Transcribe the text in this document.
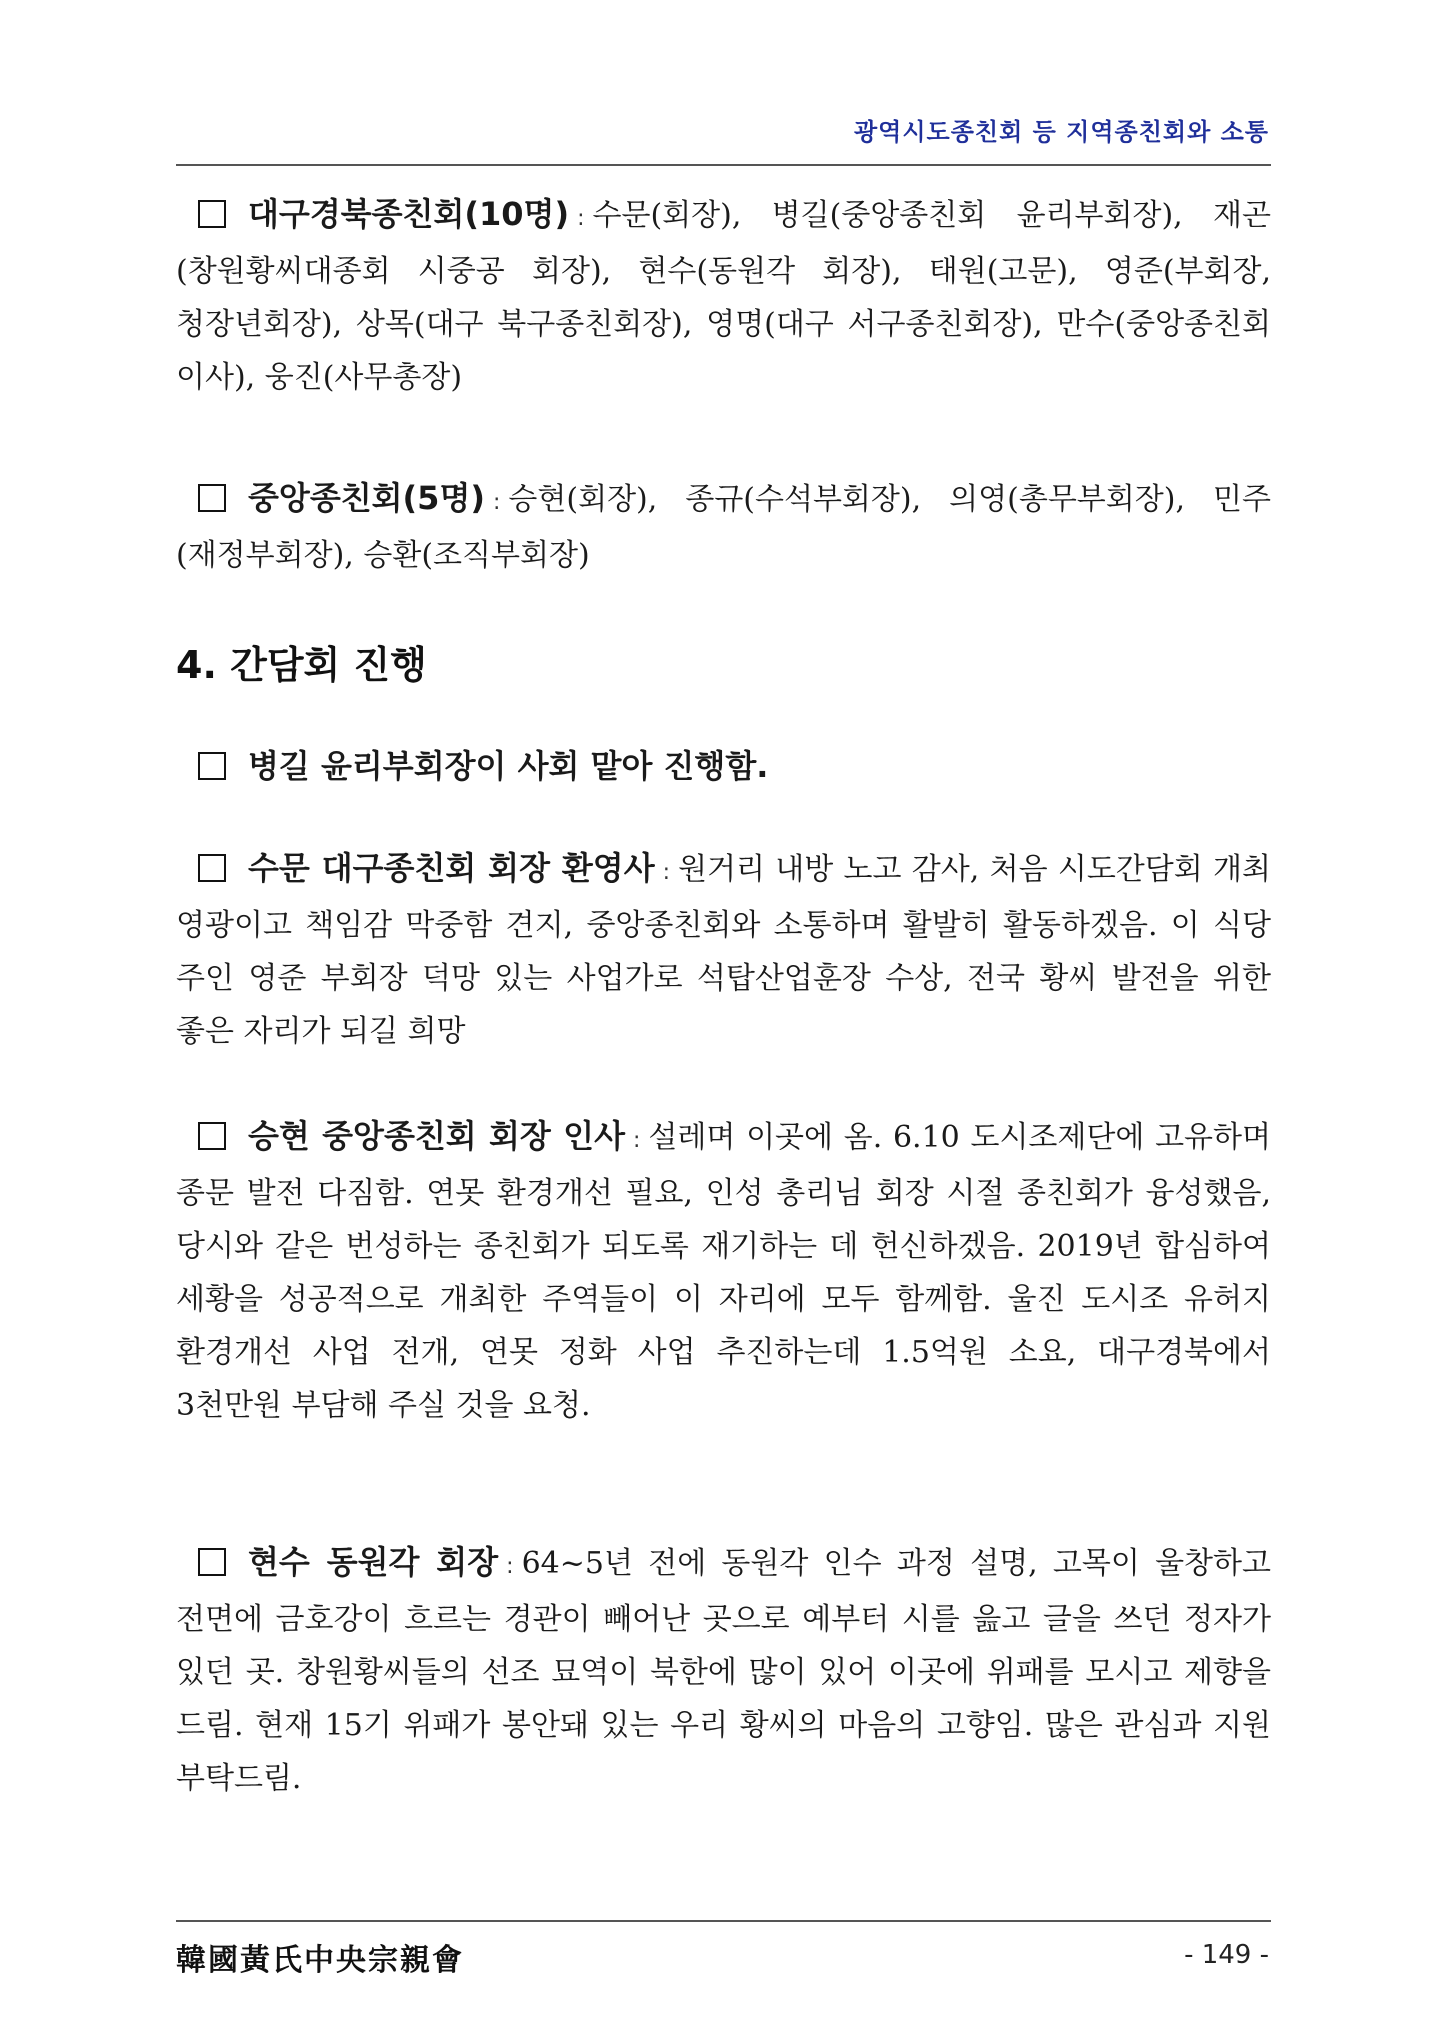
광역시도종친회 등 지역종친회와 소통
대구경북종친회(10명) : 수문(회장), 병길(중앙종친회 윤리부회장), 재곤(창원황씨대종회 시중공 회장), 현수(동원각 회장), 태원(고문), 영준(부회장, 청장년회장), 상목(대구 북구종친회장), 영명(대구 서구종친회장), 만수(중앙종친회 이사), 웅진(사무총장)
중앙종친회(5명) : 승현(회장), 종규(수석부회장), 의영(총무부회장), 민주(재정부회장), 승환(조직부회장)
4. 간담회 진행
병길 윤리부회장이 사회 맡아 진행함.
수문 대구종친회 회장 환영사 : 원거리 내방 노고 감사, 처음 시도간담회 개최 영광이고 책임감 막중함 견지, 중앙종친회와 소통하며 활발히 활동하겠음. 이 식당 주인 영준 부회장 덕망 있는 사업가로 석탑산업훈장 수상, 전국 황씨 발전을 위한 좋은 자리가 되길 희망
승현 중앙종친회 회장 인사 : 설레며 이곳에 옴. 6.10 도시조제단에 고유하며 종문 발전 다짐함. 연못 환경개선 필요, 인성 총리님 회장 시절 종친회가 융성했음, 당시와 같은 번성하는 종친회가 되도록 재기하는 데 헌신하겠음. 2019년 합심하여 세황을 성공적으로 개최한 주역들이 이 자리에 모두 함께함. 울진 도시조 유허지 환경개선 사업 전개, 연못 정화 사업 추진하는데 1.5억원 소요, 대구경북에서 3천만원 부담해 주실 것을 요청.
현수 동원각 회장 : 64~5년 전에 동원각 인수 과정 설명, 고목이 울창하고 전면에 금호강이 흐르는 경관이 빼어난 곳으로 예부터 시를 읊고 글을 쓰던 정자가 있던 곳. 창원황씨들의 선조 묘역이 북한에 많이 있어 이곳에 위패를 모시고 제향을 드림. 현재 15기 위패가 봉안돼 있는 우리 황씨의 마음의 고향임. 많은 관심과 지원 부탁드림.
韓國黃氏中央宗親會	- 149 -
